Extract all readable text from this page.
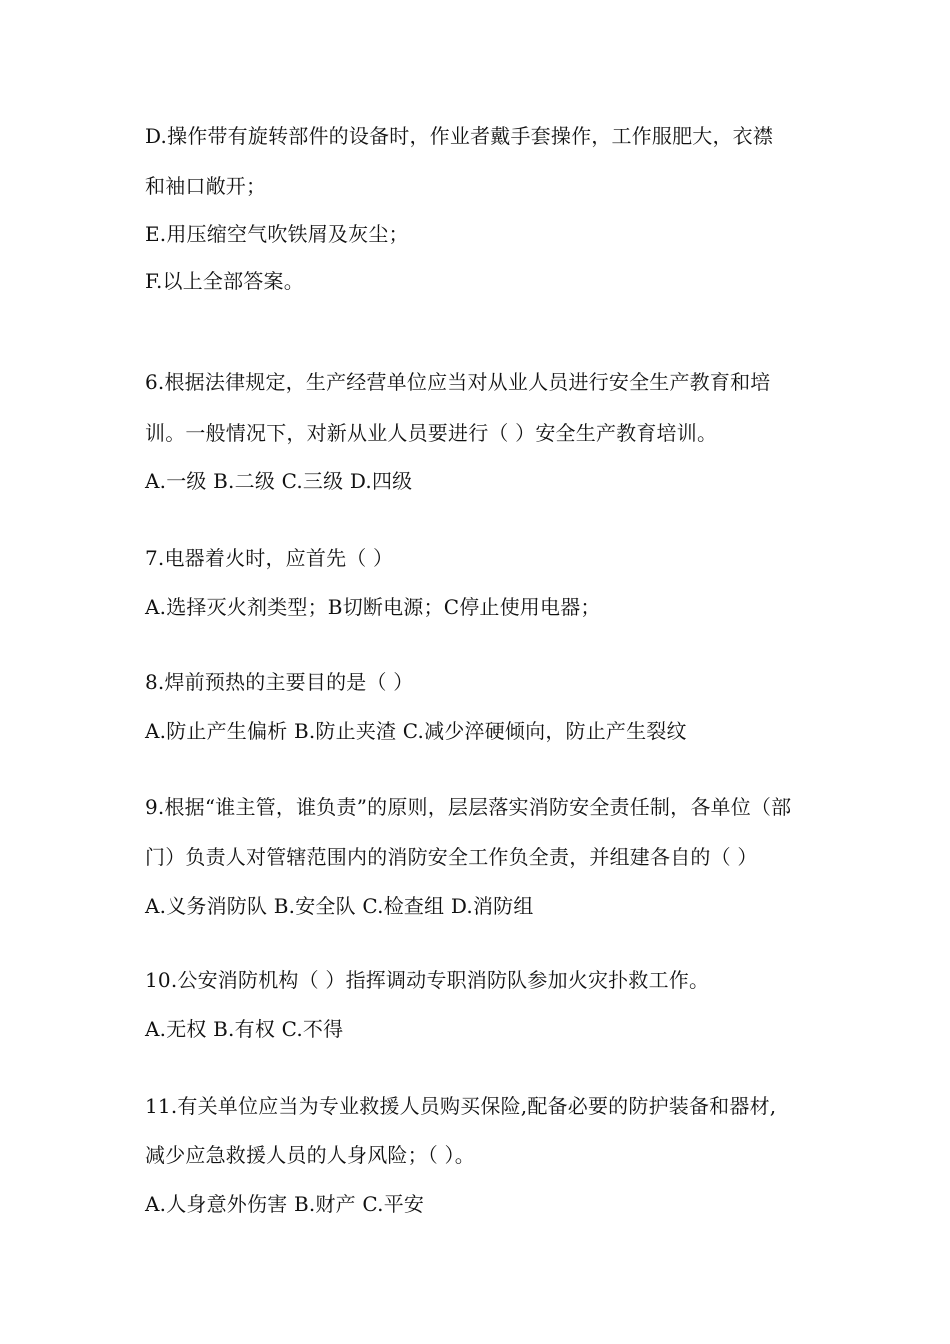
D.操作带有旋转部件的设备时，作业者戴手套操作，工作服肥大，衣襟
和袖口敞开；
E.用压缩空气吹铁屑及灰尘；
F.以上全部答案。
6.根据法律规定，生产经营单位应当对从业人员进行安全生产教育和培
训。一般情况下，对新从业人员要进行（ ）安全生产教育培训。
A.一级 B.二级 C.三级 D.四级
7.电器着火时，应首先（ ）
A.选择灭火剂类型；B切断电源；C停止使用电器；
8.焊前预热的主要目的是（ ）
A.防止产生偏析 B.防止夹渣 C.减少淬硬倾向，防止产生裂纹
9.根据“谁主管，谁负责”的原则，层层落实消防安全责任制，各单位（部
门）负责人对管辖范围内的消防安全工作负全责，并组建各自的（ ）
A.义务消防队 B.安全队 C.检查组 D.消防组
10.公安消防机构（ ）指挥调动专职消防队参加火灾扑救工作。
A.无权 B.有权 C.不得
11.有关单位应当为专业救援人员购买保险,配备必要的防护装备和器材,
减少应急救援人员的人身风险；（ ）。
A.人身意外伤害 B.财产 C.平安
